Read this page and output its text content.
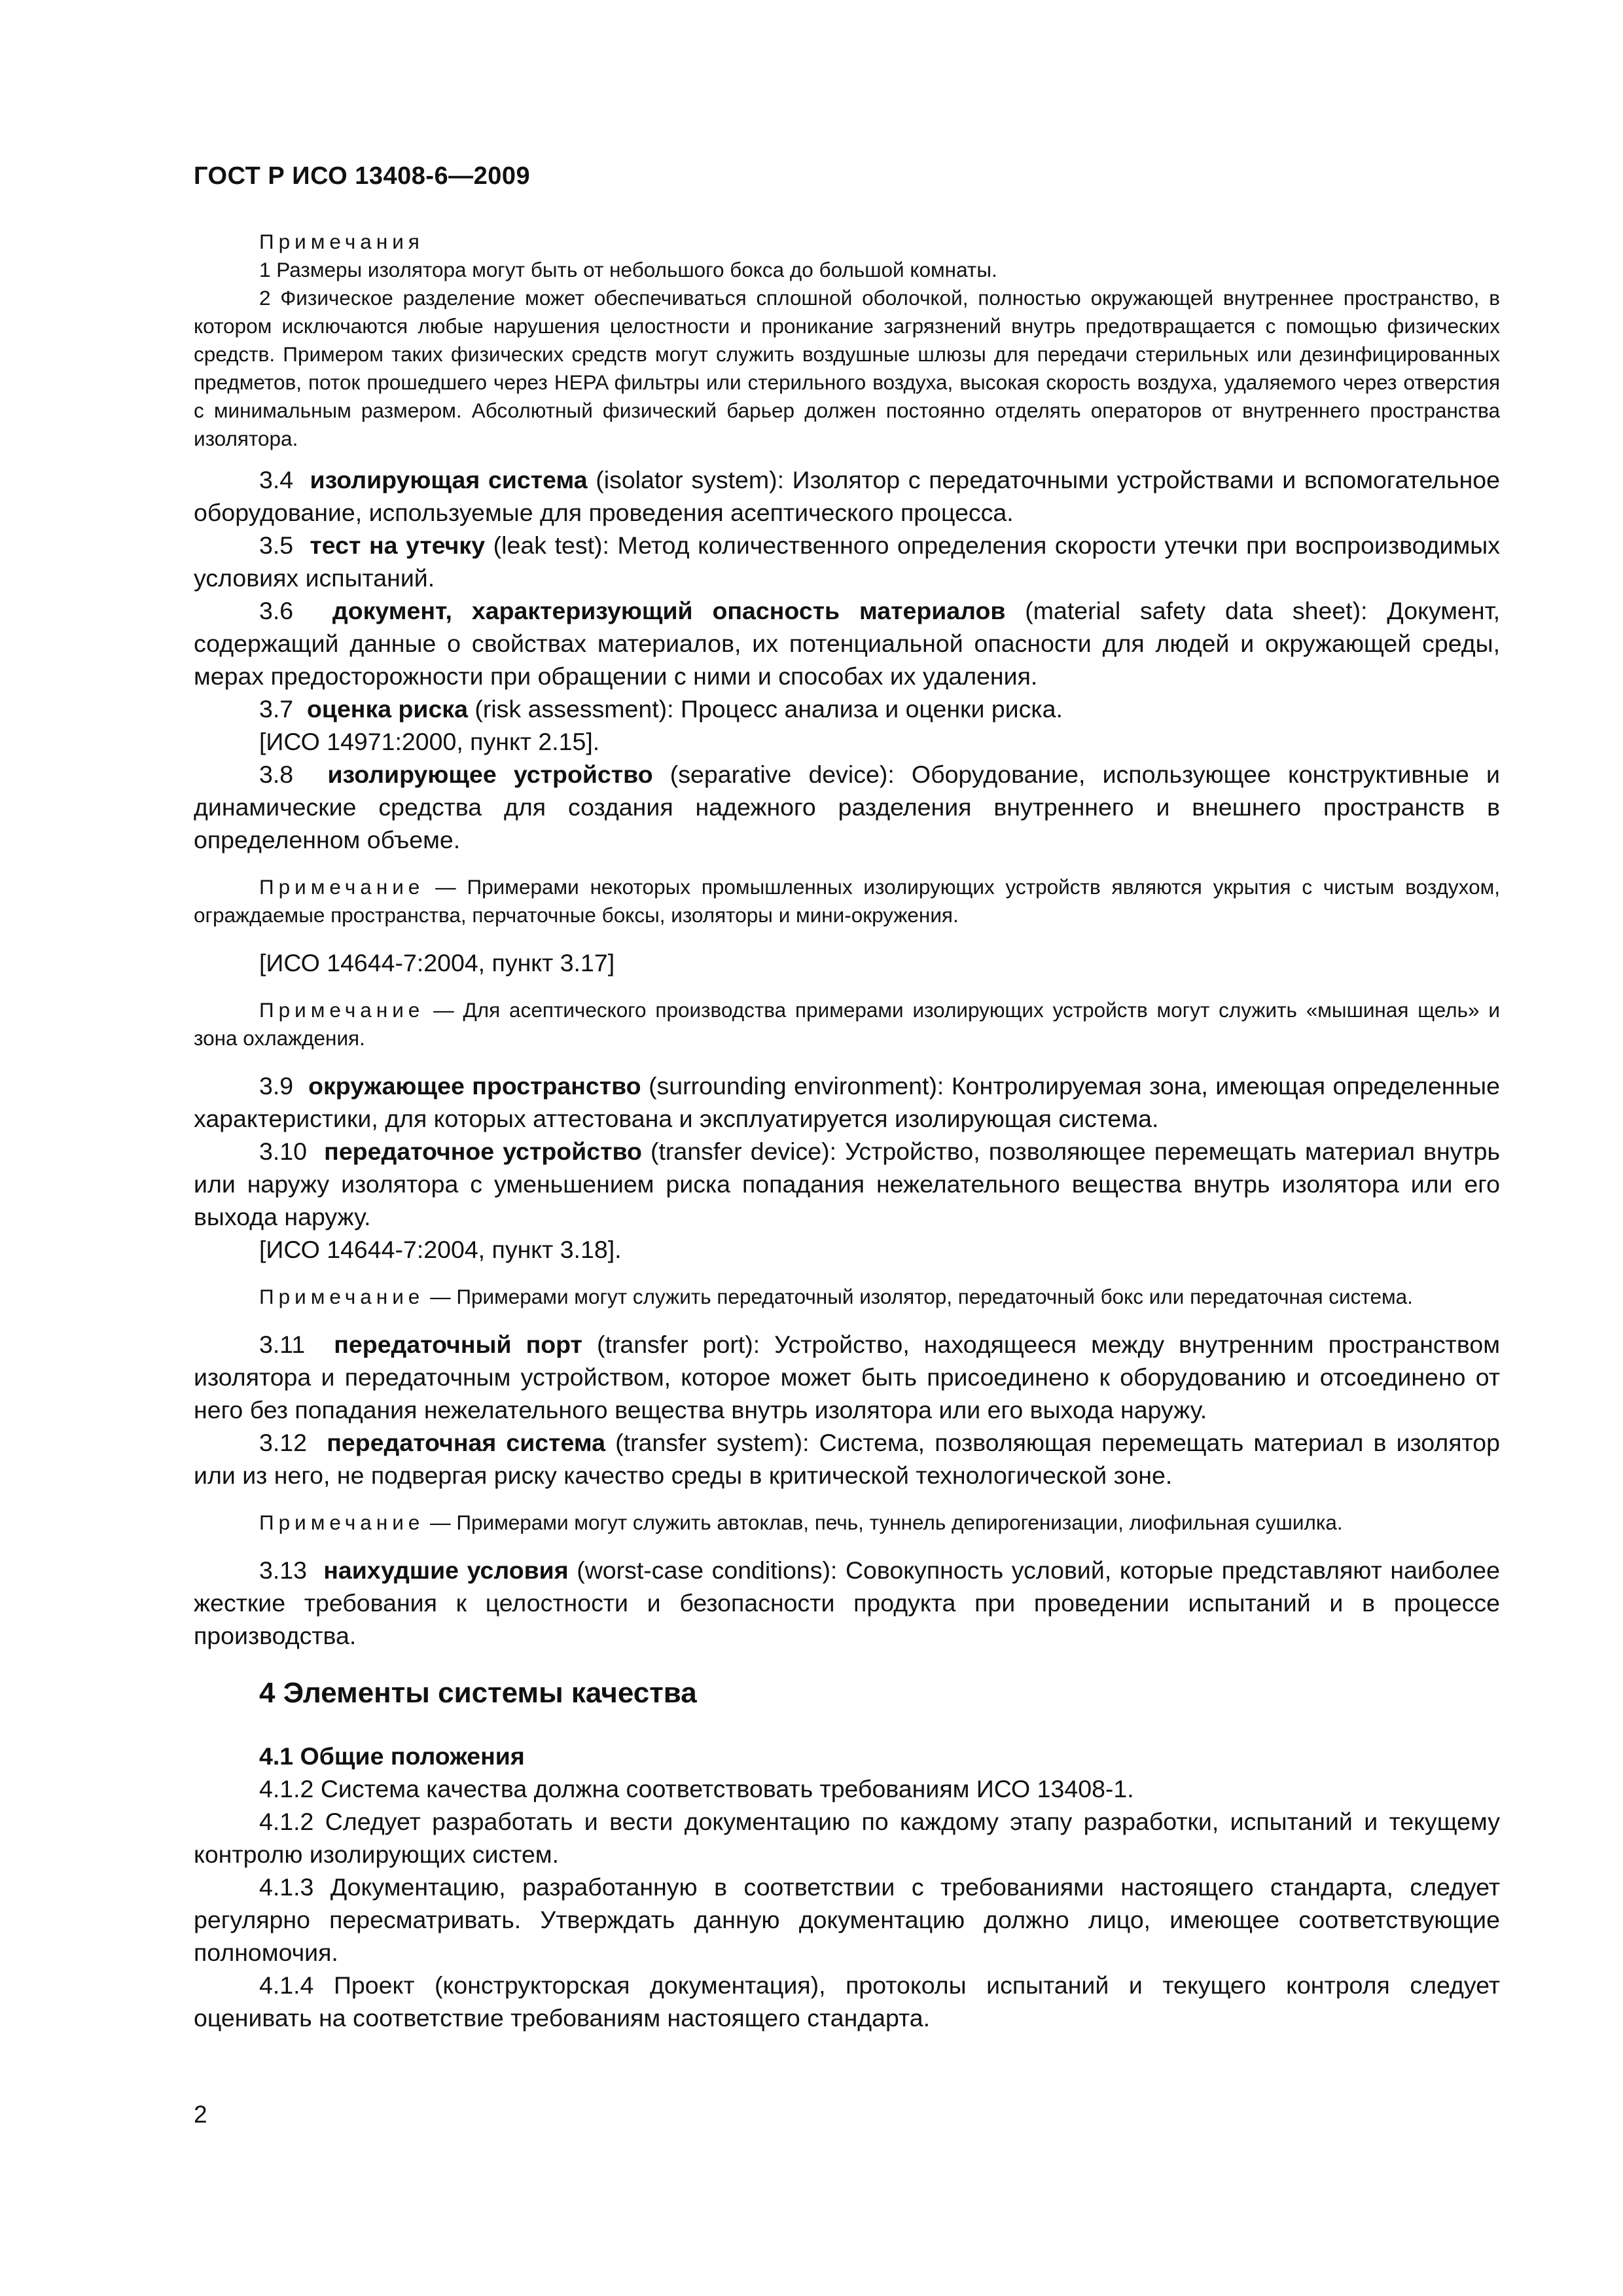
ГОСТ Р ИСО 13408-6—2009

Примечания

1 Размеры изолятора могут быть от небольшого бокса до большой комнаты.

2 Физическое разделение может обеспечиваться сплошной оболочкой, полностью окружающей внутреннее пространство, в котором исключаются любые нарушения целостности и проникание загрязнений внутрь предотвращается с помощью физических средств. Примером таких физических средств могут служить воздушные шлюзы для передачи стерильных или дезинфицированных предметов, поток прошедшего через HEPA фильтры или стерильного воздуха, высокая скорость воздуха, удаляемого через отверстия с минимальным размером. Абсолютный физический барьер должен постоянно отделять операторов от внутреннего пространства изолятора.

3.4 изолирующая система (isolator system): Изолятор с передаточными устройствами и вспомогательное оборудование, используемые для проведения асептического процесса.

3.5 тест на утечку (leak test): Метод количественного определения скорости утечки при воспроизводимых условиях испытаний.

3.6 документ, характеризующий опасность материалов (material safety data sheet): Документ, содержащий данные о свойствах материалов, их потенциальной опасности для людей и окружающей среды, мерах предосторожности при обращении с ними и способах их удаления.

3.7 оценка риска (risk assessment): Процесс анализа и оценки риска.

[ИСО 14971:2000, пункт 2.15].

3.8 изолирующее устройство (separative device): Оборудование, использующее конструктивные и динамические средства для создания надежного разделения внутреннего и внешнего пространств в определенном объеме.

Примечание — Примерами некоторых промышленных изолирующих устройств являются укрытия с чистым воздухом, ограждаемые пространства, перчаточные боксы, изоляторы и мини-окружения.

[ИСО 14644-7:2004, пункт 3.17]

Примечание — Для асептического производства примерами изолирующих устройств могут служить «мышиная щель» и зона охлаждения.

3.9 окружающее пространство (surrounding environment): Контролируемая зона, имеющая определенные характеристики, для которых аттестована и эксплуатируется изолирующая система.

3.10 передаточное устройство (transfer device): Устройство, позволяющее перемещать материал внутрь или наружу изолятора с уменьшением риска попадания нежелательного вещества внутрь изолятора или его выхода наружу.

[ИСО 14644-7:2004, пункт 3.18].

Примечание — Примерами могут служить передаточный изолятор, передаточный бокс или передаточная система.

3.11 передаточный порт (transfer port): Устройство, находящееся между внутренним пространством изолятора и передаточным устройством, которое может быть присоединено к оборудованию и отсоединено от него без попадания нежелательного вещества внутрь изолятора или его выхода наружу.

3.12 передаточная система (transfer system): Система, позволяющая перемещать материал в изолятор или из него, не подвергая риску качество среды в критической технологической зоне.

Примечание — Примерами могут служить автоклав, печь, туннель депирогенизации, лиофильная сушилка.

3.13 наихудшие условия (worst-case conditions): Совокупность условий, которые представляют наиболее жесткие требования к целостности и безопасности продукта при проведении испытаний и в процессе производства.

4 Элементы системы качества

4.1 Общие положения

4.1.2 Система качества должна соответствовать требованиям ИСО 13408-1.

4.1.2 Следует разработать и вести документацию по каждому этапу разработки, испытаний и текущему контролю изолирующих систем.

4.1.3 Документацию, разработанную в соответствии с требованиями настоящего стандарта, следует регулярно пересматривать. Утверждать данную документацию должно лицо, имеющее соответствующие полномочия.

4.1.4 Проект (конструкторская документация), протоколы испытаний и текущего контроля следует оценивать на соответствие требованиям настоящего стандарта.

2
